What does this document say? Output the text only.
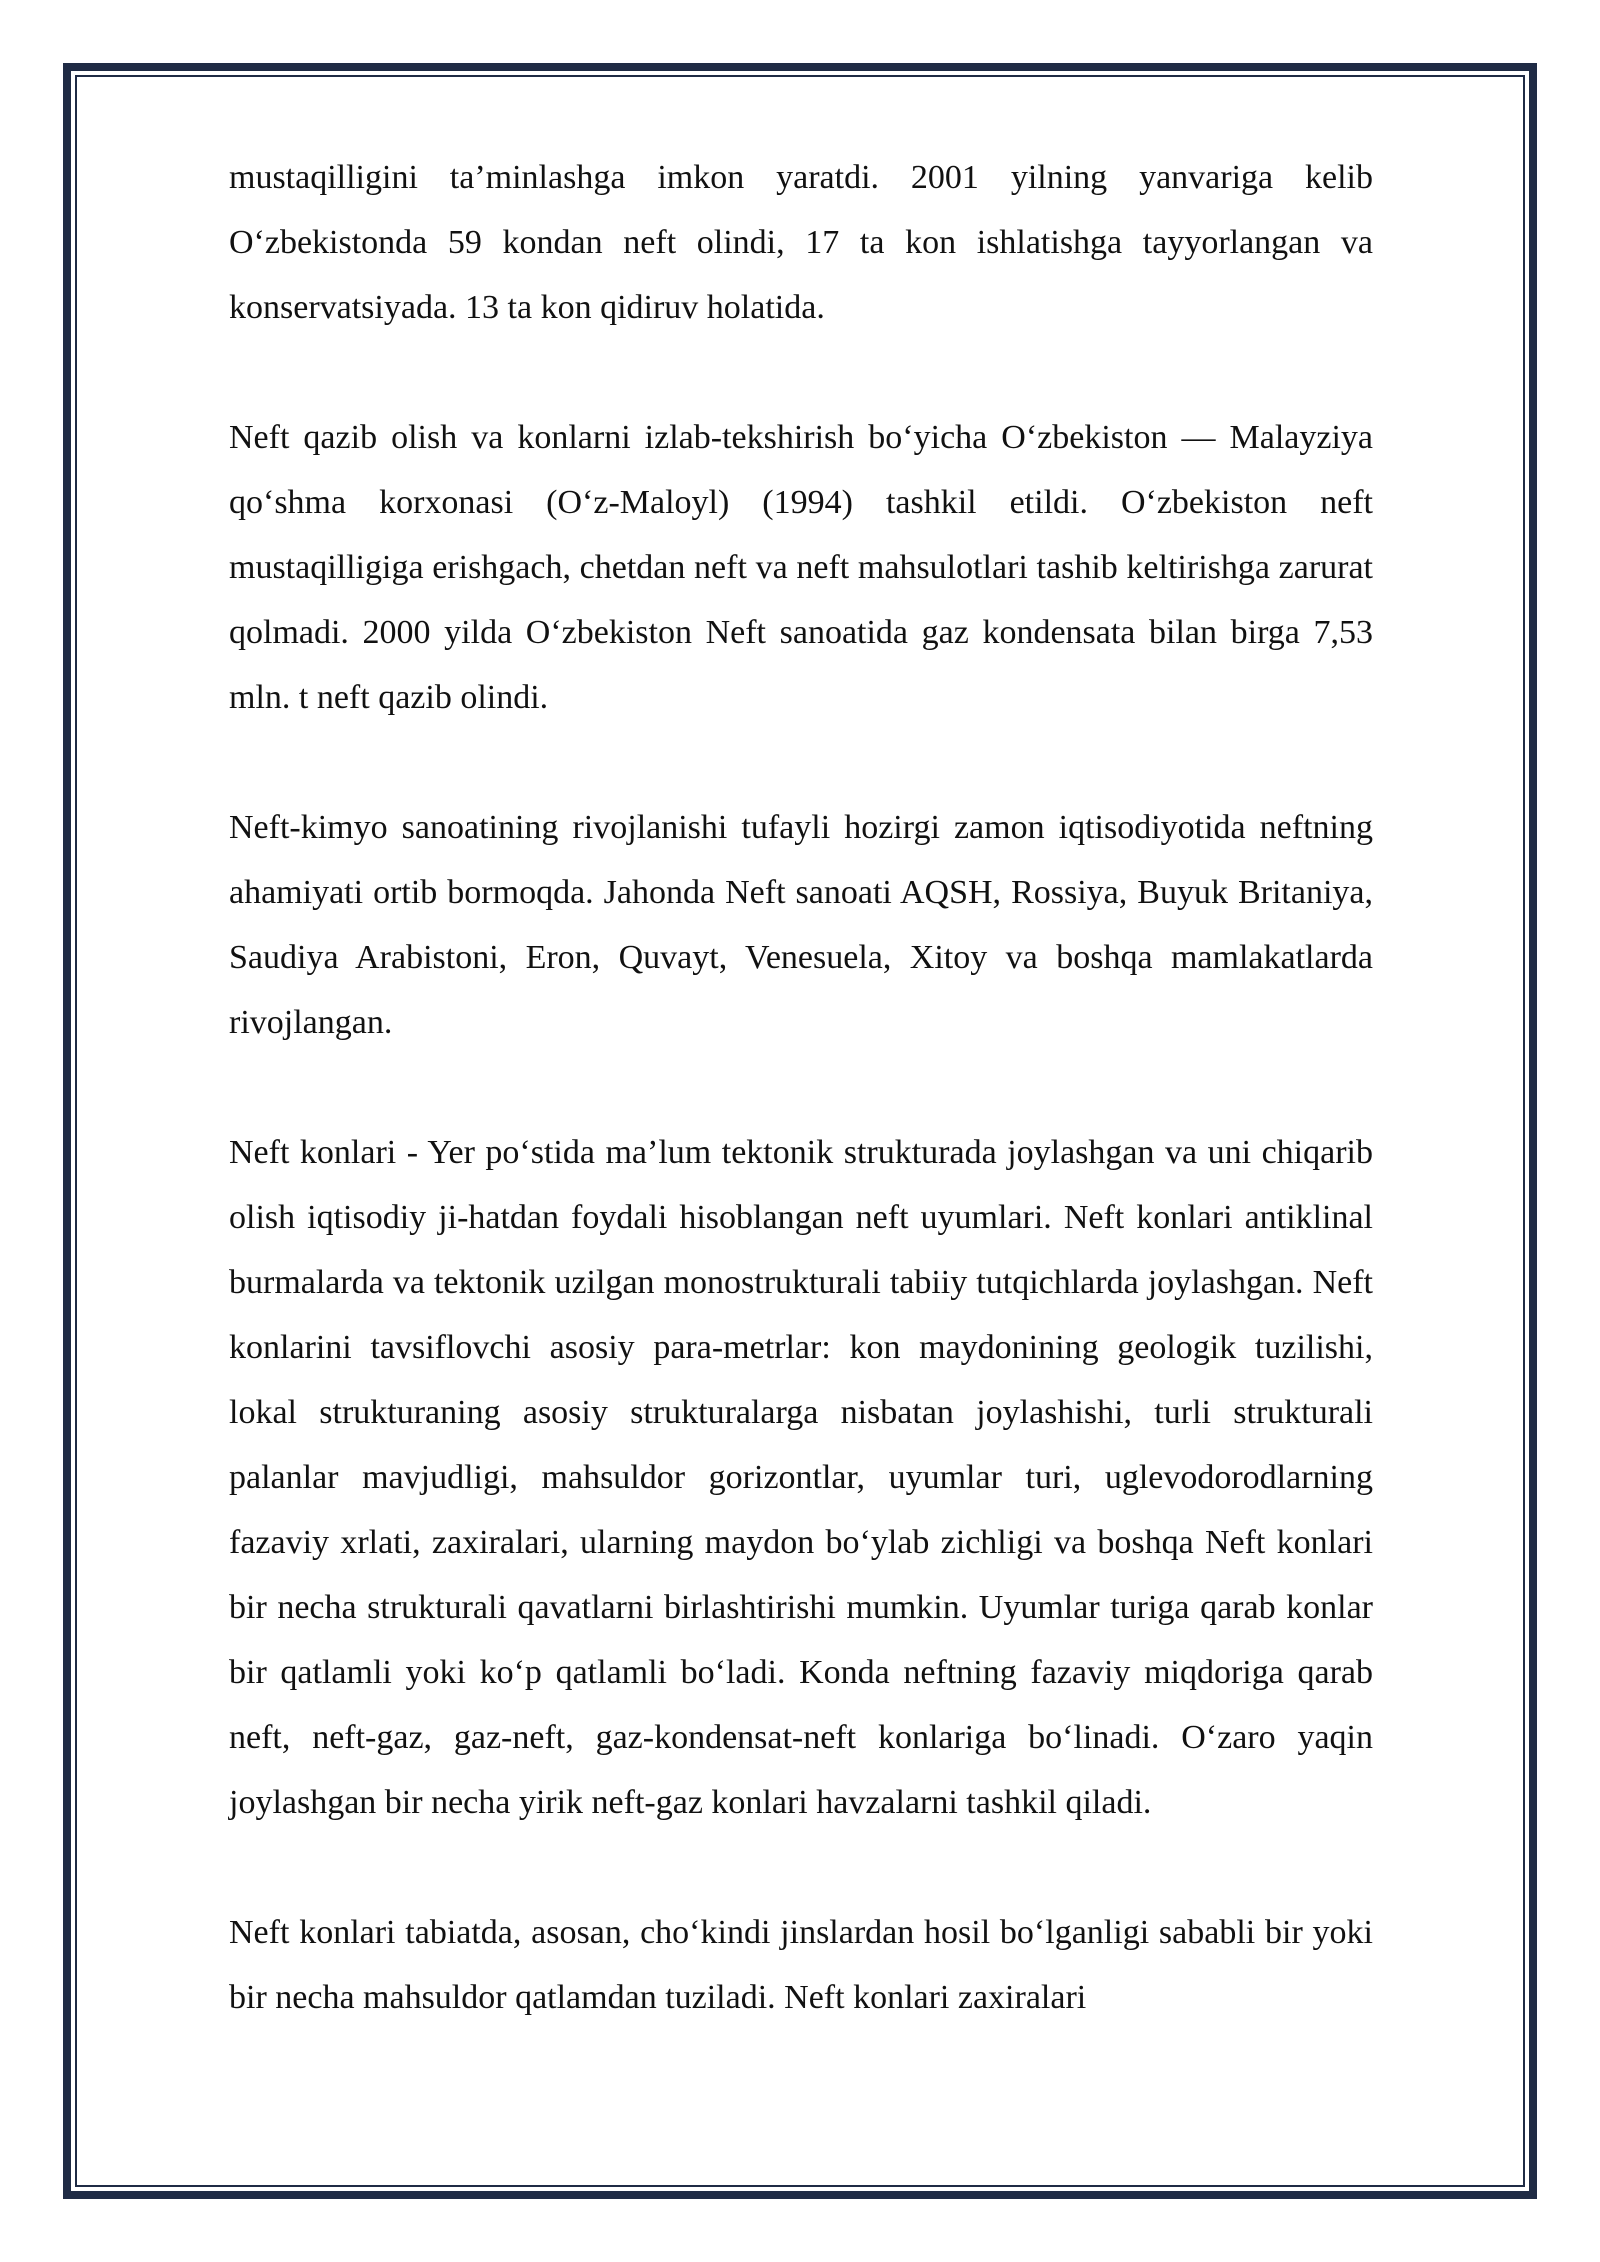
mustaqilligini ta’minlashga imkon yaratdi. 2001 yilning yanvariga kelib O‘zbekistonda 59 kondan neft olindi, 17 ta kon ishlatishga tayyorlangan va konservatsiyada. 13 ta kon qidiruv holatida.

Neft qazib olish va konlarni izlab-tekshirish bo‘yicha O‘zbekiston — Malayziya qo‘shma korxonasi (O‘z-Maloyl) (1994) tashkil etildi. O‘zbekiston neft mustaqilligiga erishgach, chetdan neft va neft mahsulotlari tashib keltirishga zarurat qolmadi. 2000 yilda O‘zbekiston Neft sanoatida gaz kondensata bilan birga 7,53 mln. t neft qazib olindi.

Neft-kimyo sanoatining rivojlanishi tufayli hozirgi zamon iqtisodiyotida neftning ahamiyati ortib bormoqda. Jahonda Neft sanoati AQSH, Rossiya, Buyuk Britaniya, Saudiya Arabistoni, Eron, Quvayt, Venesuela, Xitoy va boshqa mamlakatlarda rivojlangan.

Neft konlari - Yer po‘stida ma’lum tektonik strukturada joylashgan va uni chiqarib olish iqtisodiy ji-hatdan foydali hisoblangan neft uyumlari. Neft konlari antiklinal burmalarda va tektonik uzilgan monostrukturali tabiiy tutqichlarda joylashgan. Neft konlarini tavsiflovchi asosiy para-metrlar: kon maydonining geologik tuzilishi, lokal strukturaning asosiy strukturalarga nisbatan joylashishi, turli strukturali palanlar mavjudligi, mahsuldor gorizontlar, uyumlar turi, uglevodorodlarning fazaviy xrlati, zaxiralari, ularning maydon bo‘ylab zichligi va boshqa Neft konlari bir necha strukturali qavatlarni birlashtirishi mumkin. Uyumlar turiga qarab konlar bir qatlamli yoki ko‘p qatlamli bo‘ladi. Konda neftning fazaviy miqdoriga qarab neft, neft-gaz, gaz-neft, gaz-kondensat-neft konlariga bo‘linadi. O‘zaro yaqin joylashgan bir necha yirik neft-gaz konlari havzalarni tashkil qiladi.

Neft konlari tabiatda, asosan, cho‘kindi jinslardan hosil bo‘lganligi sababli bir yoki bir necha mahsuldor qatlamdan tuziladi. Neft konlari zaxiralari
